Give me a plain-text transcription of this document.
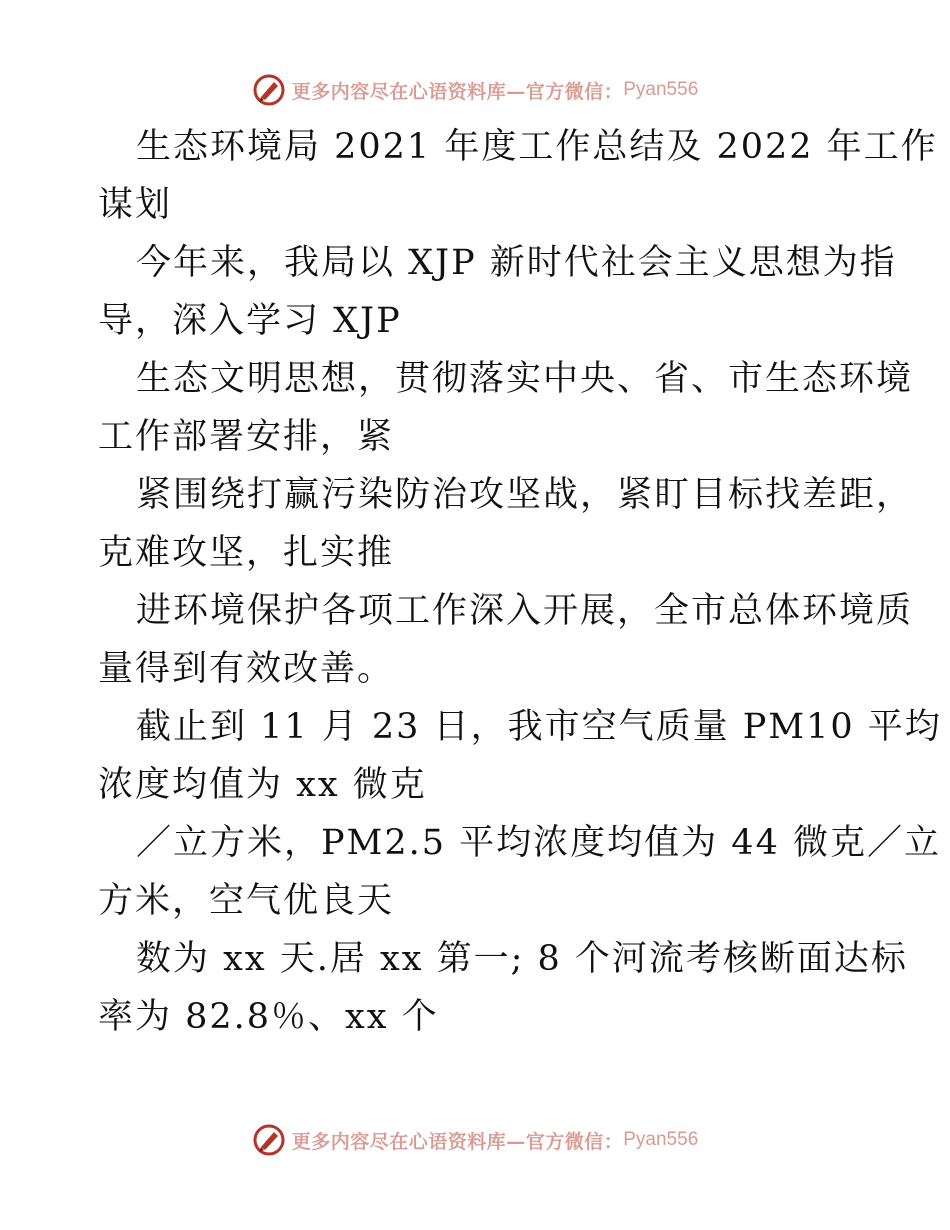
更多内容尽在心语资料库—官方微信： Pyan556
生态环境局 2021 年度工作总结及 2022 年工作
谋划
今年来，我局以 XJP 新时代社会主义思想为指
导，深入学习 XJP
生态文明思想，贯彻落实中央、省、市生态环境
工作部署安排，紧
紧围绕打赢污染防治攻坚战，紧盯目标找差距，
克难攻坚，扎实推
进环境保护各项工作深入开展，全市总体环境质
量得到有效改善。
截止到 11 月 23 日，我市空气质量 PM10 平均
浓度均值为 xx 微克
／立方米，PM2.5 平均浓度均值为 44 微克／立
方米，空气优良天
数为 xx 天.居 xx 第一; 8 个河流考核断面达标
率为 82.8％、xx 个
更多内容尽在心语资料库—官方微信： Pyan556
